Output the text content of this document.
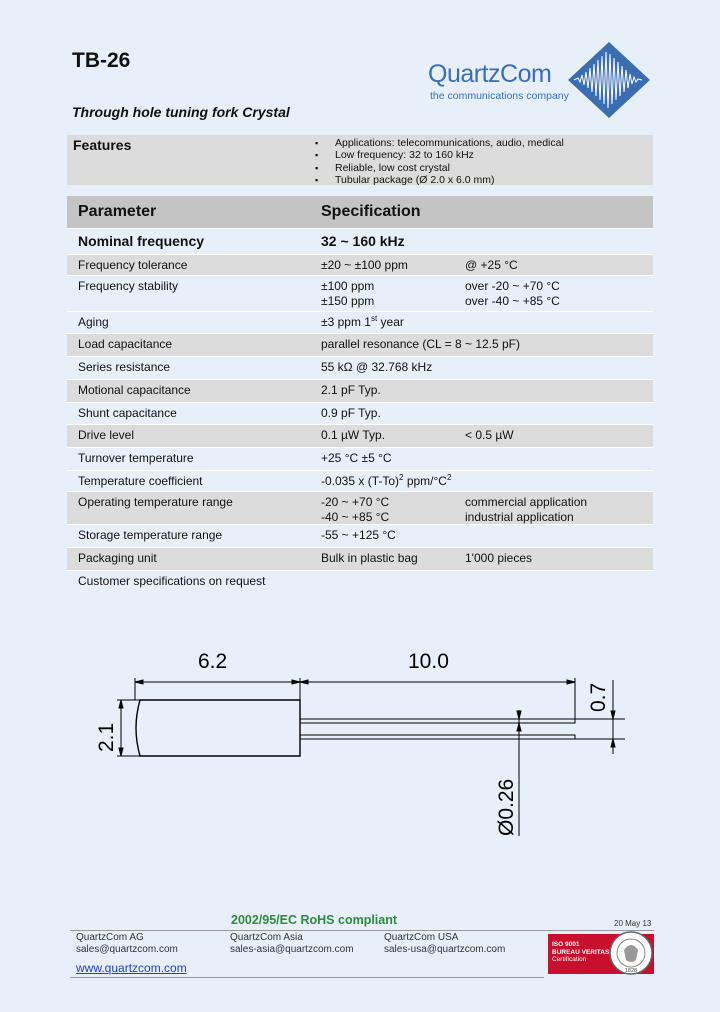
TB-26
Through hole tuning fork Crystal
QuartzCom
the communications company
Features
▪	Applications: telecommunications, audio, medical
▪ Low frequency: 32 to 160 kHz
▪ Reliable, low cost crystal
▪ Tubular package (Ø 2.0 x 6.0 mm)
Parameter	Specification
Nominal frequency	32 ~ 160 kHz
Frequency tolerance	±20 ~ ±100 ppm	@ +25 °C
Frequency stability	±100 ppm	over -20 ~ +70 °C
±150 ppm	over -40 ~ +85 °C
Aging	±3 ppm 1st year
Load capacitance	parallel resonance (CL = 8 ~ 12.5 pF)
Series resistance	55 kΩ @ 32.768 kHz
Motional capacitance	2.1 pF Typ.
Shunt capacitance	0.9 pF Typ.
Drive level	0.1 µW Typ.	< 0.5 µW
Turnover temperature	+25 °C ±5 °C
Temperature coefficient	-0.035 x $(T-To)^2$ ppm/$^\circ C^2$
Operating temperature range	-20 ~ +70 °C	commercial application
-40 ~ +85 °C	industrial application
Storage temperature range	-55 ~ +125 °C
Packaging unit	Bulk in plastic bag	1'000 pieces
Customer specifications on request
6.2	10.0
2.1
0.7
Ø0.26
2002/95/EC RoHS compliant	20 May 13
QuartzCom AG
sales@quartzcom.com
QuartzCom Asia
sales-asia@quartzcom.com
QuartzCom USA
sales-usa@quartzcom.com
www.quartzcom.com
ISO 9001
BUREAU VERITAS
Certification
1828
